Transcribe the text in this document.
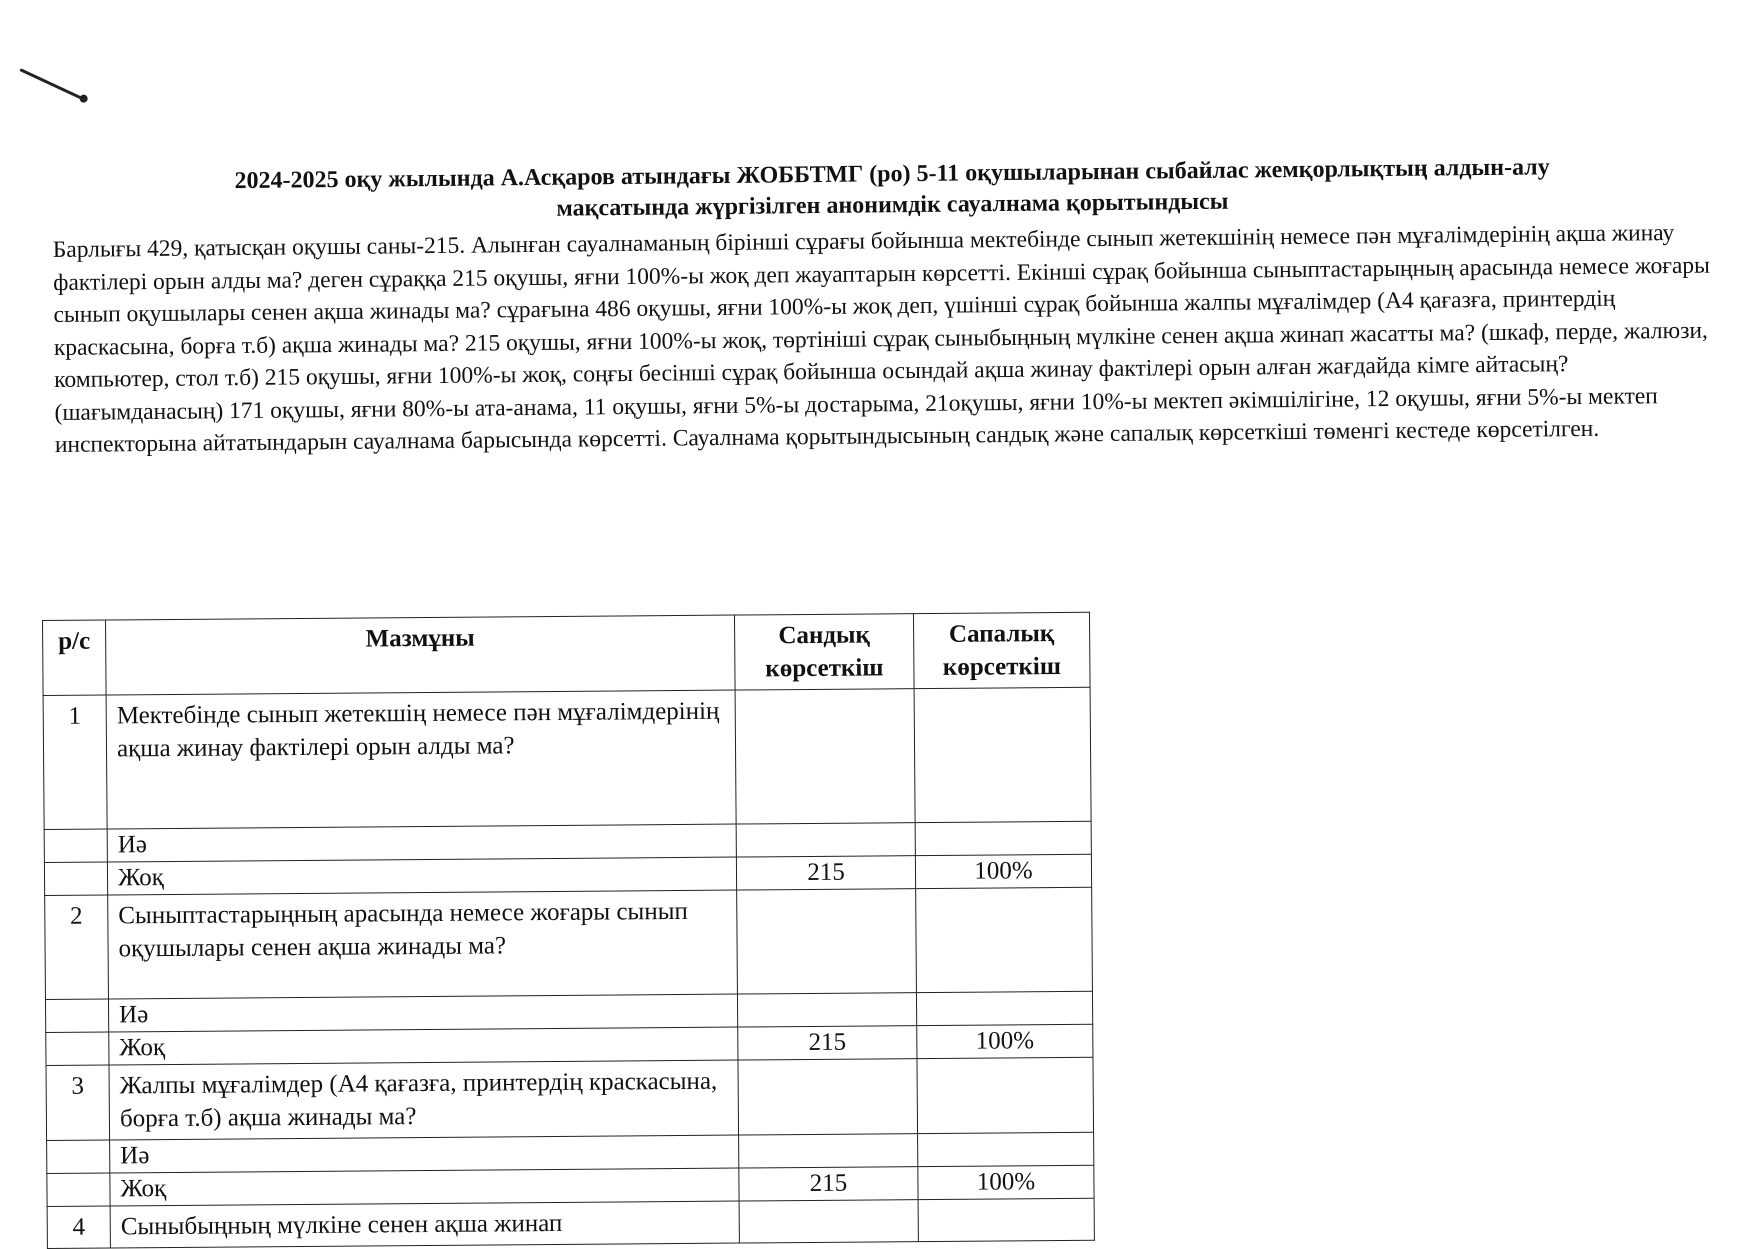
2024-2025 оқу жылында А.Асқаров атындағы ЖОББТМГ (ро) 5-11 оқушыларынан сыбайлас жемқорлықтың алдын-алу
мақсатында жүргізілген анонимдік сауалнама қорытындысы

Барлығы 429, қатысқан оқушы саны-215. Алынған сауалнаманың бірінші сұрағы бойынша мектебінде сынып жетекшінің немесе пән мұғалімдерінің ақша жинау фактілері орын алды ма? деген сұраққа 215 оқушы, яғни 100%-ы жоқ деп жауаптарын көрсетті. Екінші сұрақ бойынша сыныптастарыңның арасында немесе жоғары сынып оқушылары сенен ақша жинады ма? сұрағына 486 оқушы, яғни 100%-ы жоқ деп, үшінші сұрақ бойынша жалпы мұғалімдер (А4 қағазға, принтердің краскасына, борға т.б) ақша жинады ма? 215 оқушы, яғни 100%-ы жоқ, төртініші сұрақ сыныбыңның мүлкіне сенен ақша жинап жасатты ма? (шкаф, перде, жалюзи, компьютер, стол т.б) 215 оқушы, яғни 100%-ы жоқ, соңғы бесінші сұрақ бойынша осындай ақша жинау фактілері орын алған жағдайда кімге айтасың? (шағымданасың) 171 оқушы, яғни 80%-ы ата-анама, 11 оқушы, яғни 5%-ы достарыма, 21оқушы, яғни 10%-ы мектеп әкімшілігіне, 12 оқушы, яғни 5%-ы мектеп инспекторына айтатындарын сауалнама барысында көрсетті. Сауалнама қорытындысының сандық және сапалық көрсеткіші төменгі кестеде көрсетілген.

р/с	Мазмұны	Сандық көрсеткіш	Сапалық көрсеткіш
1	Мектебінде сынып жетекшің немесе пән мұғалімдерінің ақша жинау фактілері орын алды ма?		
	Иә		
	Жоқ	215	100%
2	Сыныптастарыңның арасында немесе жоғары сынып оқушылары сенен ақша жинады ма?		
	Иә		
	Жоқ	215	100%
3	Жалпы мұғалімдер (А4 қағазға, принтердің краскасына, борға т.б) ақша жинады ма?		
	Иә		
	Жоқ	215	100%
4	Сыныбыңның мүлкіне сенен ақша жинап		
